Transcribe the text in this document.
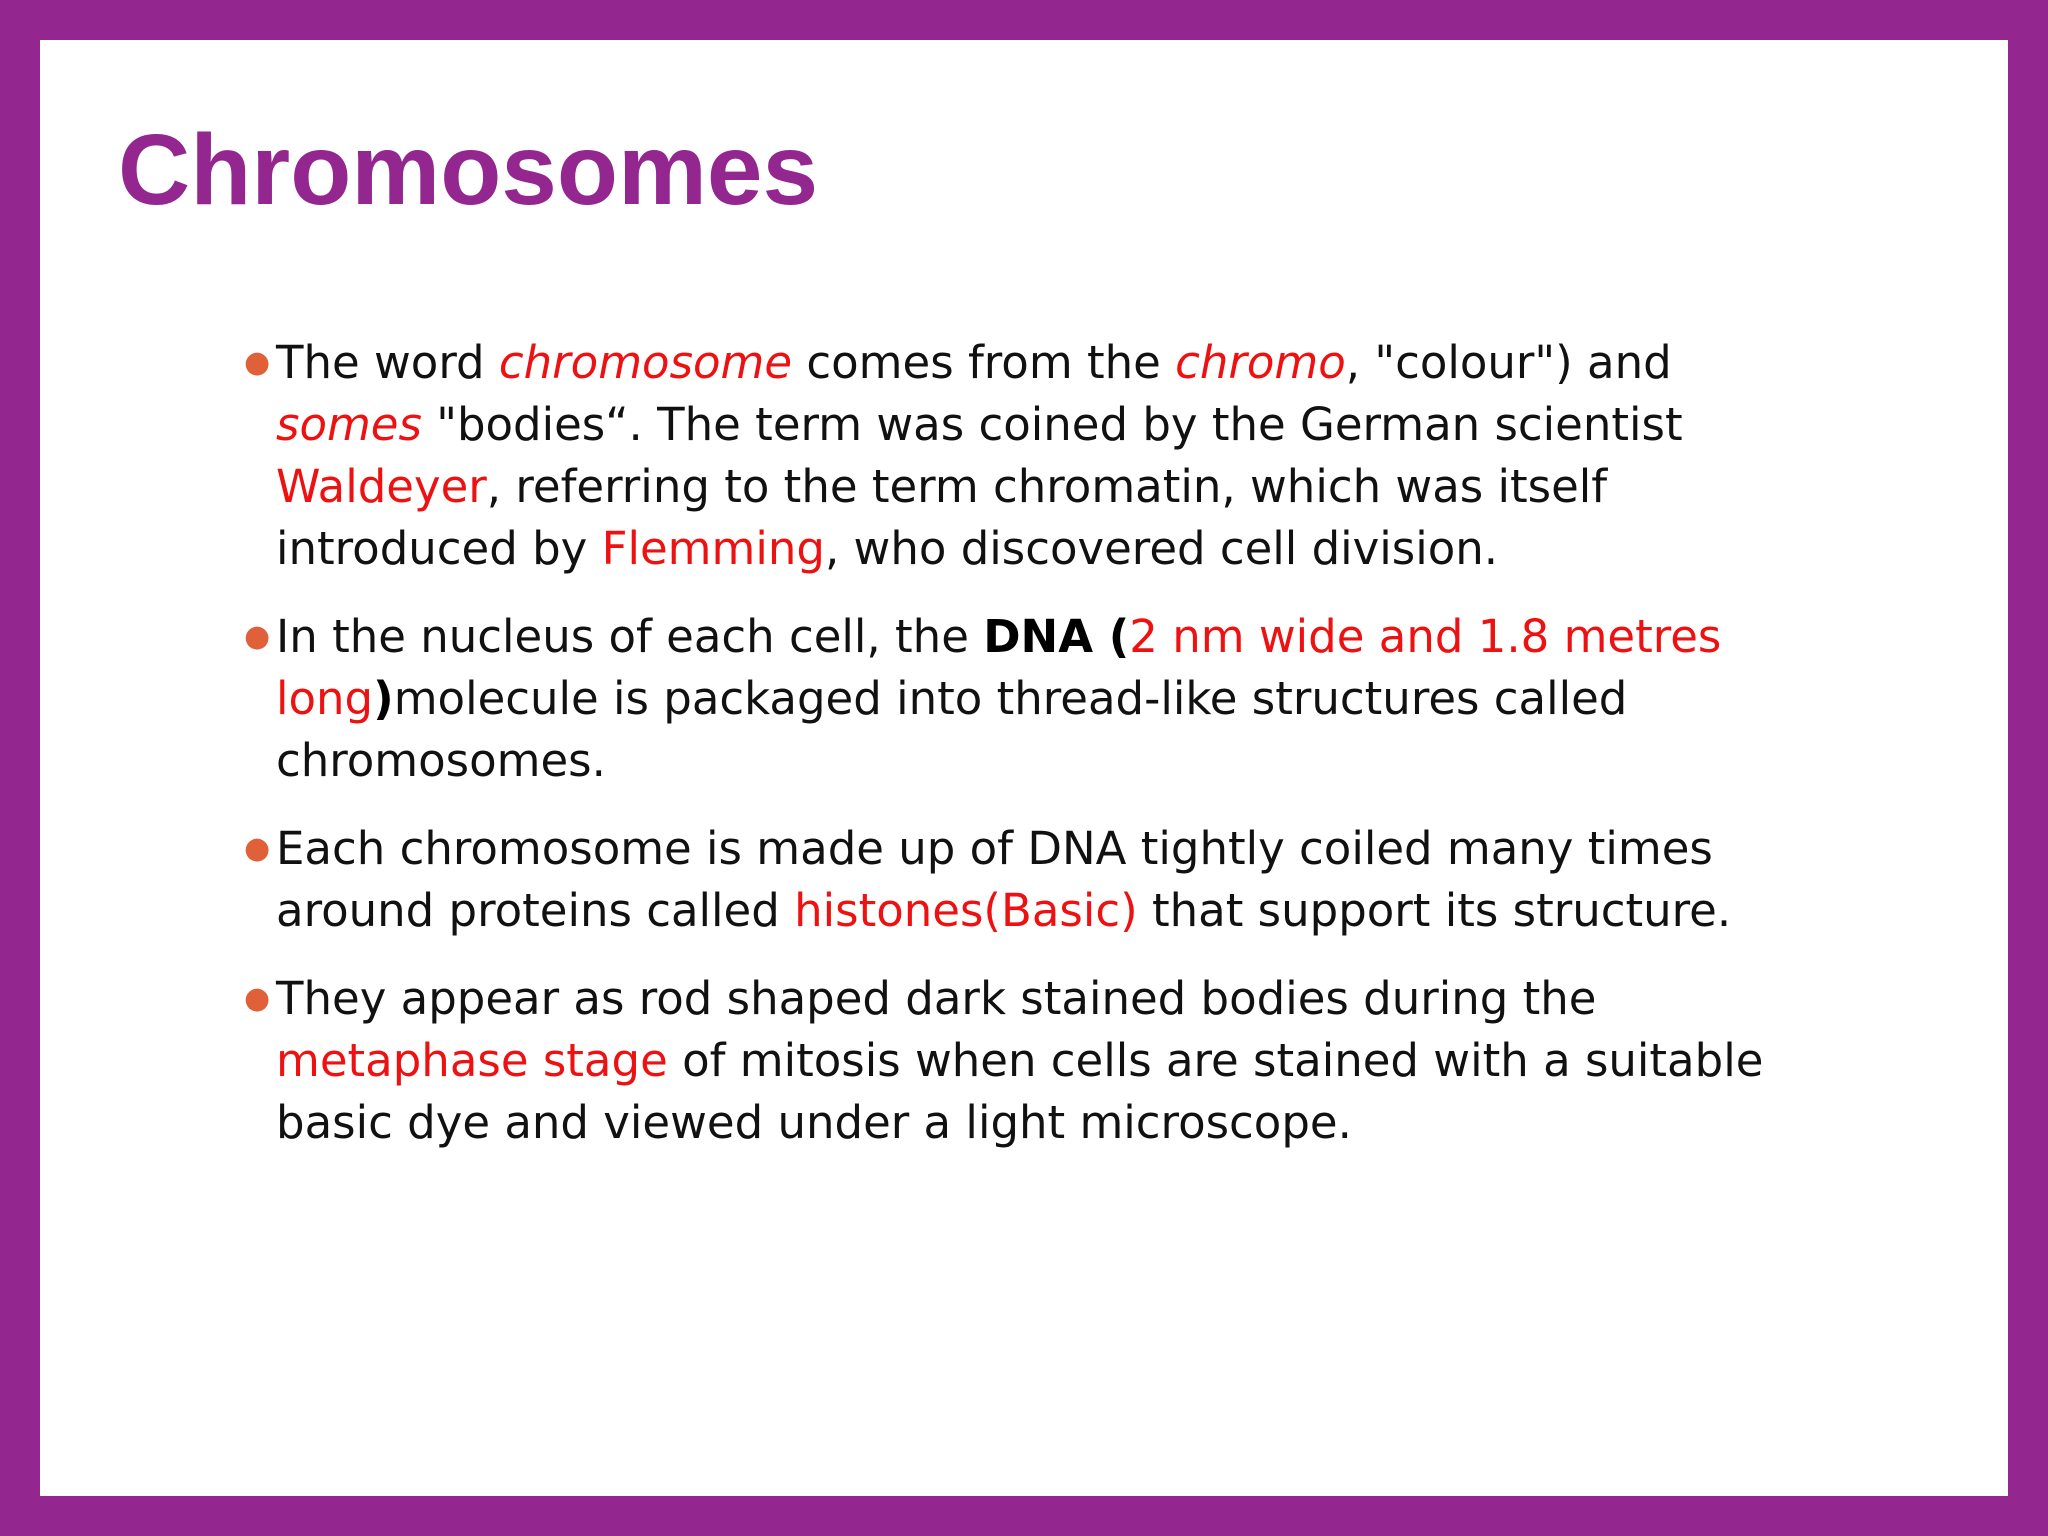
Chromosomes
● The word chromosome comes from the chromo, "colour") and somes "bodies“. The term was coined by the German scientist Waldeyer, referring to the term chromatin, which was itself introduced by Flemming, who discovered cell division.
● In the nucleus of each cell, the DNA (2 nm wide and 1.8 metres long)molecule is packaged into thread-like structures called chromosomes.
● Each chromosome is made up of DNA tightly coiled many times around proteins called histones(Basic) that support its structure.
● They appear as rod shaped dark stained bodies during the metaphase stage of mitosis when cells are stained with a suitable basic dye and viewed under a light microscope.
